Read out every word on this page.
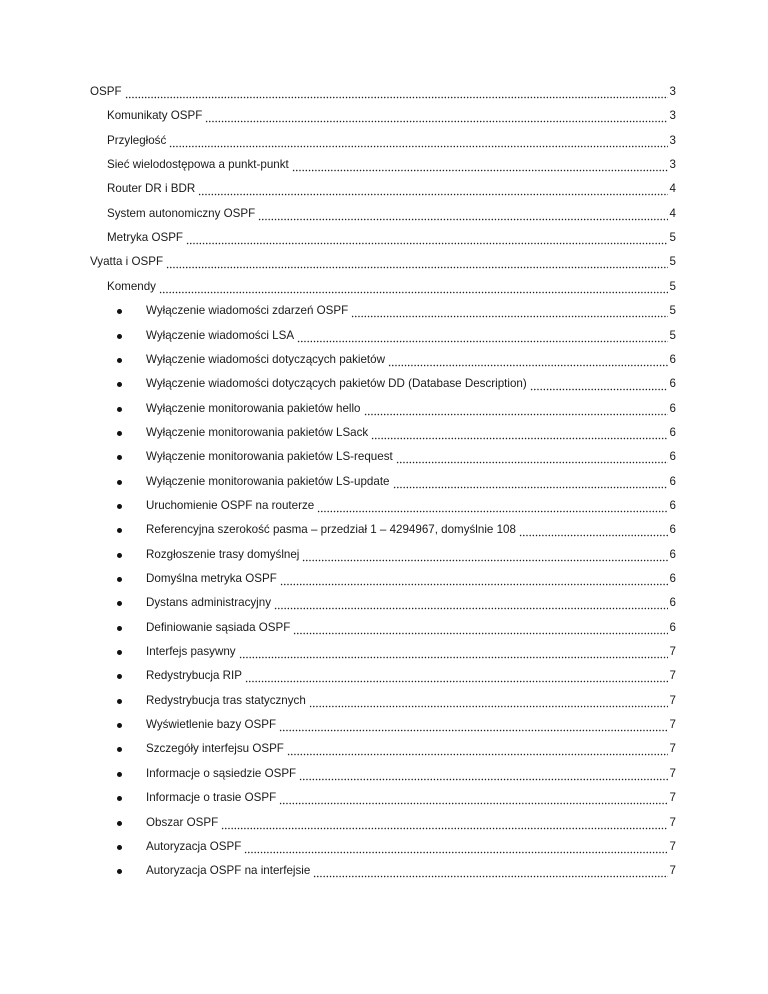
OSPF	3
Komunikaty OSPF	3
Przyległość	3
Sieć wielodostępowa a punkt-punkt	3
Router DR i BDR	4
System autonomiczny OSPF	4
Metryka OSPF	5
Vyatta i OSPF	5
Komendy	5
Wyłączenie wiadomości zdarzeń OSPF	5
Wyłączenie wiadomości LSA	5
Wyłączenie wiadomości dotyczących pakietów	6
Wyłączenie wiadomości dotyczących pakietów DD (Database Description)	6
Wyłączenie monitorowania pakietów hello	6
Wyłączenie monitorowania pakietów LSack	6
Wyłączenie monitorowania pakietów LS-request	6
Wyłączenie monitorowania pakietów LS-update	6
Uruchomienie OSPF na routerze	6
Referencyjna szerokość pasma – przedział 1 – 4294967, domyślnie 108	6
Rozgłoszenie trasy domyślnej	6
Domyślna metryka OSPF	6
Dystans administracyjny	6
Definiowanie sąsiada OSPF	6
Interfejs pasywny	7
Redystrybucja RIP	7
Redystrybucja tras statycznych	7
Wyświetlenie bazy OSPF	7
Szczegóły interfejsu OSPF	7
Informacje o sąsiedzie OSPF	7
Informacje o trasie OSPF	7
Obszar OSPF	7
Autoryzacja OSPF	7
Autoryzacja OSPF na interfejsie	7
